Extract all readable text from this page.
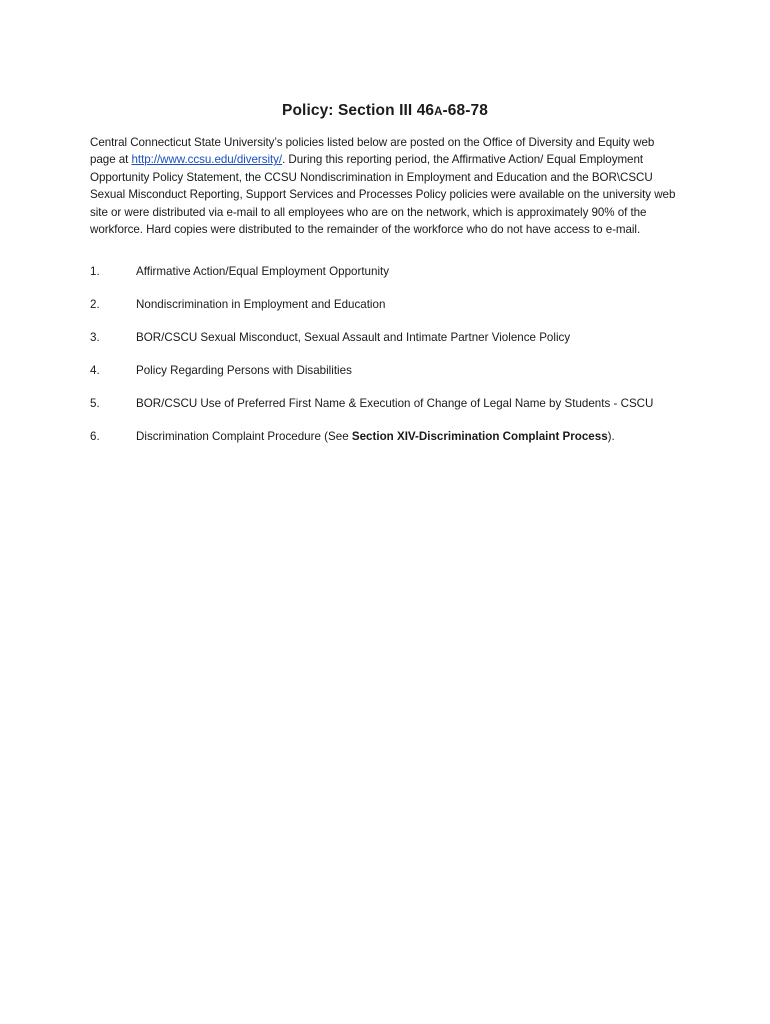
Policy: Section III 46A-68-78
Central Connecticut State University’s policies listed below are posted on the Office of Diversity and Equity web page at http://www.ccsu.edu/diversity/. During this reporting period, the Affirmative Action/ Equal Employment Opportunity Policy Statement, the CCSU Nondiscrimination in Employment and Education and the BOR\CSCU Sexual Misconduct Reporting, Support Services and Processes Policy policies were available on the university web site or were distributed via e-mail to all employees who are on the network, which is approximately 90% of the workforce. Hard copies were distributed to the remainder of the workforce who do not have access to e-mail.
1.	Affirmative Action/Equal Employment Opportunity
2.	Nondiscrimination in Employment and Education
3.	BOR/CSCU Sexual Misconduct, Sexual Assault and Intimate Partner Violence Policy
4.	Policy Regarding Persons with Disabilities
5.	BOR/CSCU Use of Preferred First Name & Execution of Change of Legal Name by Students - CSCU
6.	Discrimination Complaint Procedure (See Section XIV-Discrimination Complaint Process).
